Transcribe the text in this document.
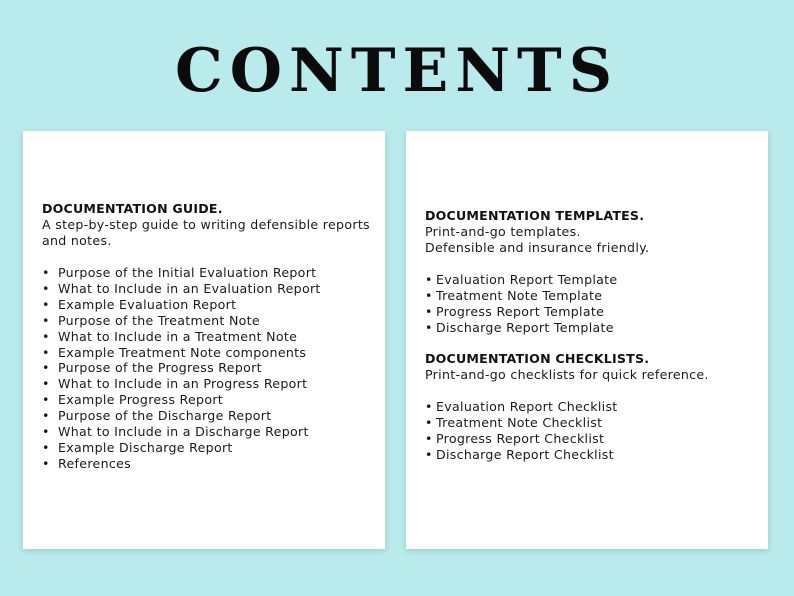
CONTENTS
DOCUMENTATION GUIDE.
A step-by-step guide to writing defensible reports
and notes.
• Purpose of the Initial Evaluation Report
• What to Include in an Evaluation Report
• Example Evaluation Report
• Purpose of the Treatment Note
• What to Include in a Treatment Note
• Example Treatment Note components
• Purpose of the Progress Report
• What to Include in an Progress Report
• Example Progress Report
• Purpose of the Discharge Report
• What to Include in a Discharge Report
• Example Discharge Report
• References
DOCUMENTATION TEMPLATES.
Print-and-go templates.
Defensible and insurance friendly.
• Evaluation Report Template
• Treatment Note Template
• Progress Report Template
• Discharge Report Template
DOCUMENTATION CHECKLISTS.
Print-and-go checklists for quick reference.
• Evaluation Report Checklist
• Treatment Note Checklist
• Progress Report Checklist
• Discharge Report Checklist
